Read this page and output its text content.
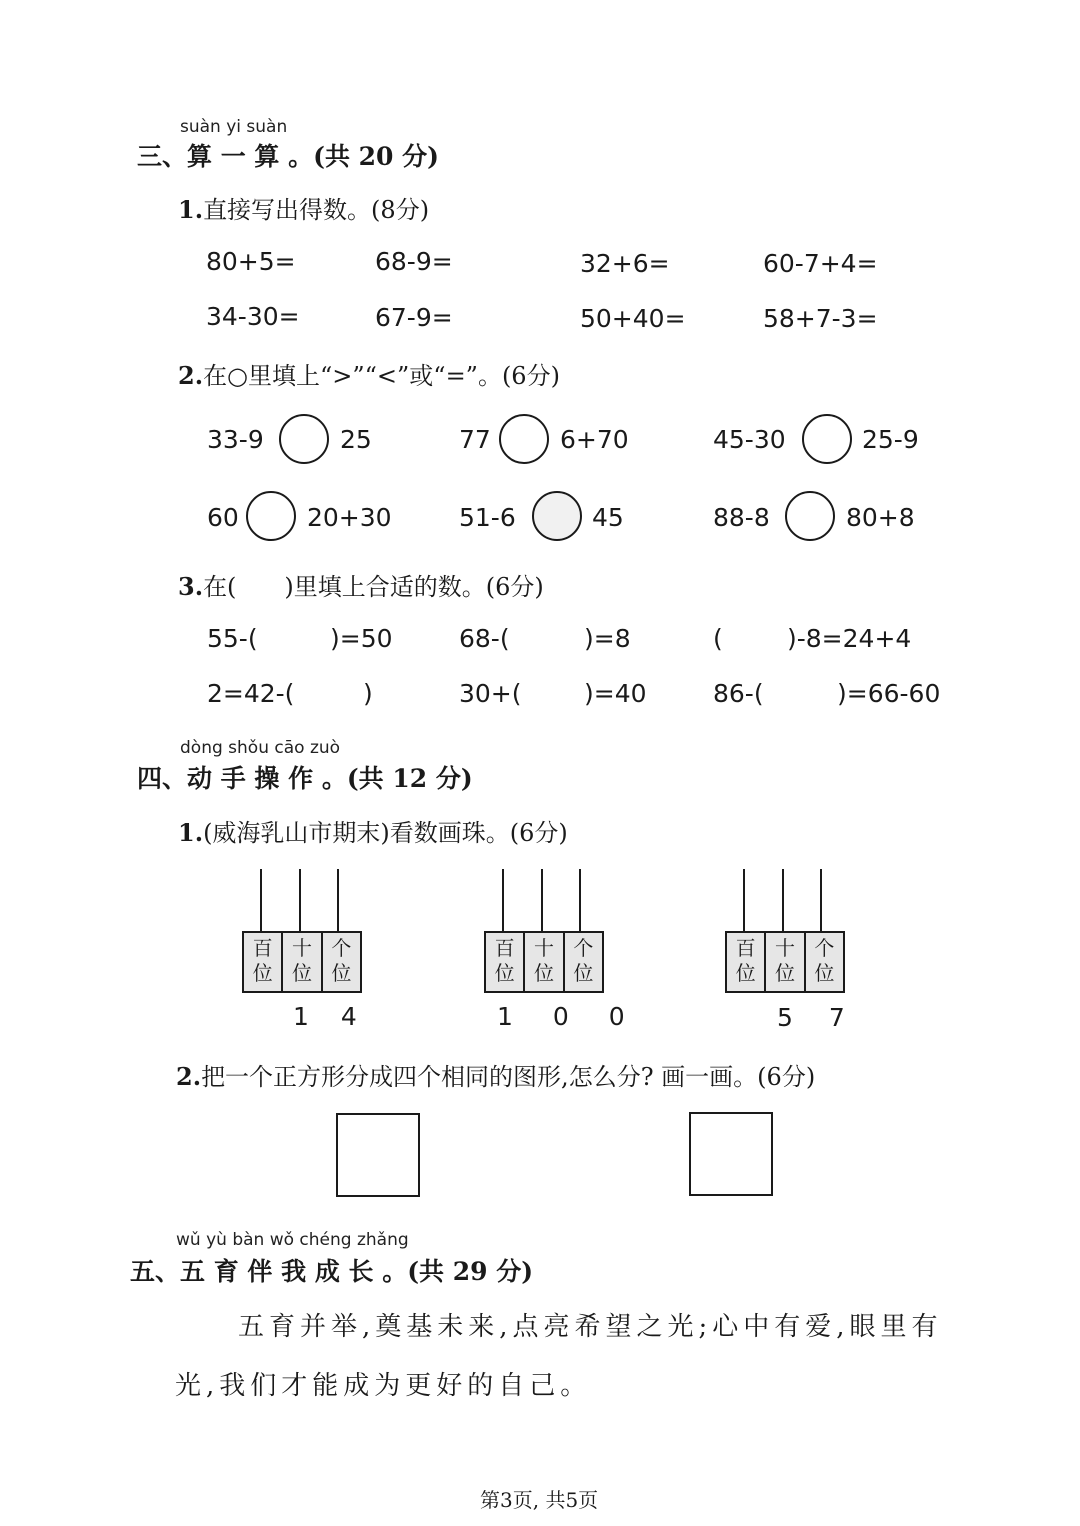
suàn yi suàn
三、算 一 算 。(共 20 分)
1.直接写出得数。(8分)
80+5=	68-9=	32+6=	60-7+4=
34-30=	67-9=	50+40=	58+7-3=
2.在○里填上“>”“<”或“=”。(6分)
33-9	25	77	6+70	45-30	25-9
60	20+30	51-6	45	88-8	80+8
3.在(　　)里填上合适的数。(6分)
55-(	)=50	68-(	)=8	(	)-8=24+4
2=42-(	)	30+( )=40	86-(	)=66-60
dòng shǒu cāo zuò
四、动 手 操 作 。(共 12 分)
1.(威海乳山市期末)看数画珠。(6分)
百
位
十
位
个
位
1 4
百
位
十
位
个
位
1 0 0
百
位
十
位
个
位
5 7
2.把一个正方形分成四个相同的图形,怎么分? 画一画。(6分)
wǔ yù bàn wǒ chéng zhǎng
五、五 育 伴 我 成 长 。(共 29 分)
五育并举,奠基未来,点亮希望之光;心中有爱,眼里有
光,我们才能成为更好的自己。
第3页, 共5页
